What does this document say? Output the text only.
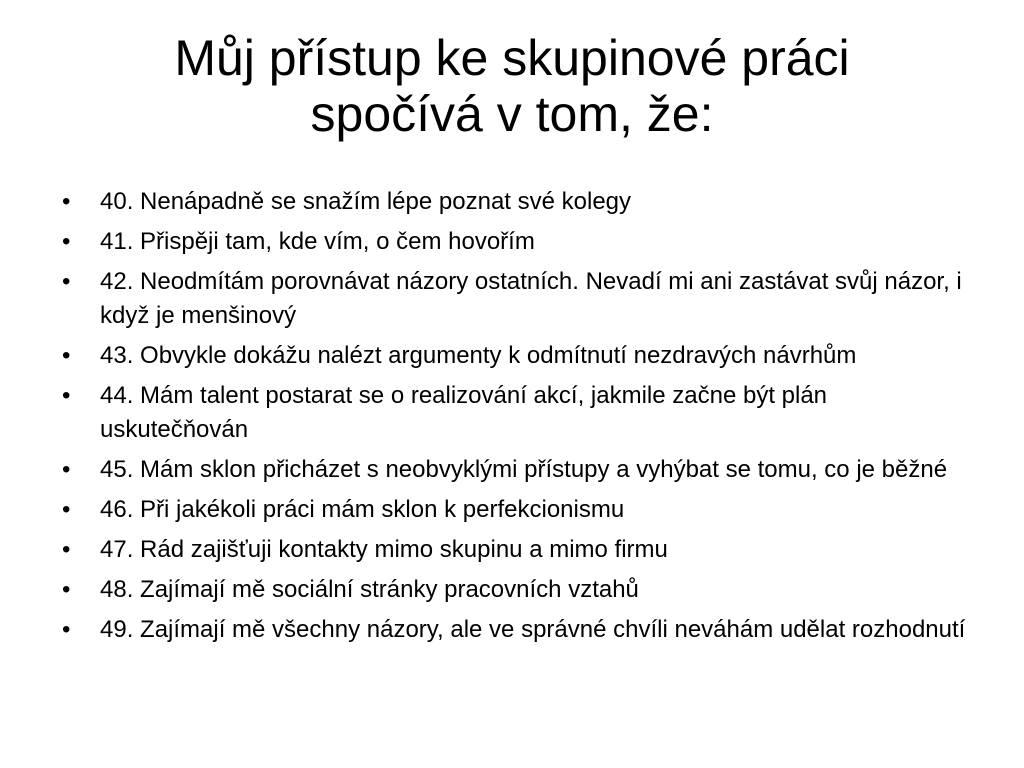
Můj přístup ke skupinové práci
spočívá v tom, že:
•	40. Nenápadně se snažím lépe poznat své kolegy
•	41. Přispěji tam, kde vím, o čem hovořím
•	42. Neodmítám porovnávat názory ostatních. Nevadí mi ani zastávat svůj názor, i když je menšinový
•	43. Obvykle dokážu nalézt argumenty k odmítnutí nezdravých návrhům
•	44. Mám talent postarat se o realizování akcí, jakmile začne být plán uskutečňován
•	45. Mám sklon přicházet s neobvyklými přístupy a vyhýbat se tomu, co je běžné
•	46. Při jakékoli práci mám sklon k perfekcionismu
•	47. Rád zajišťuji kontakty mimo skupinu a mimo firmu
•	48. Zajímají mě sociální stránky pracovních vztahů
•	49. Zajímají mě všechny názory, ale ve správné chvíli neváhám udělat rozhodnutí
